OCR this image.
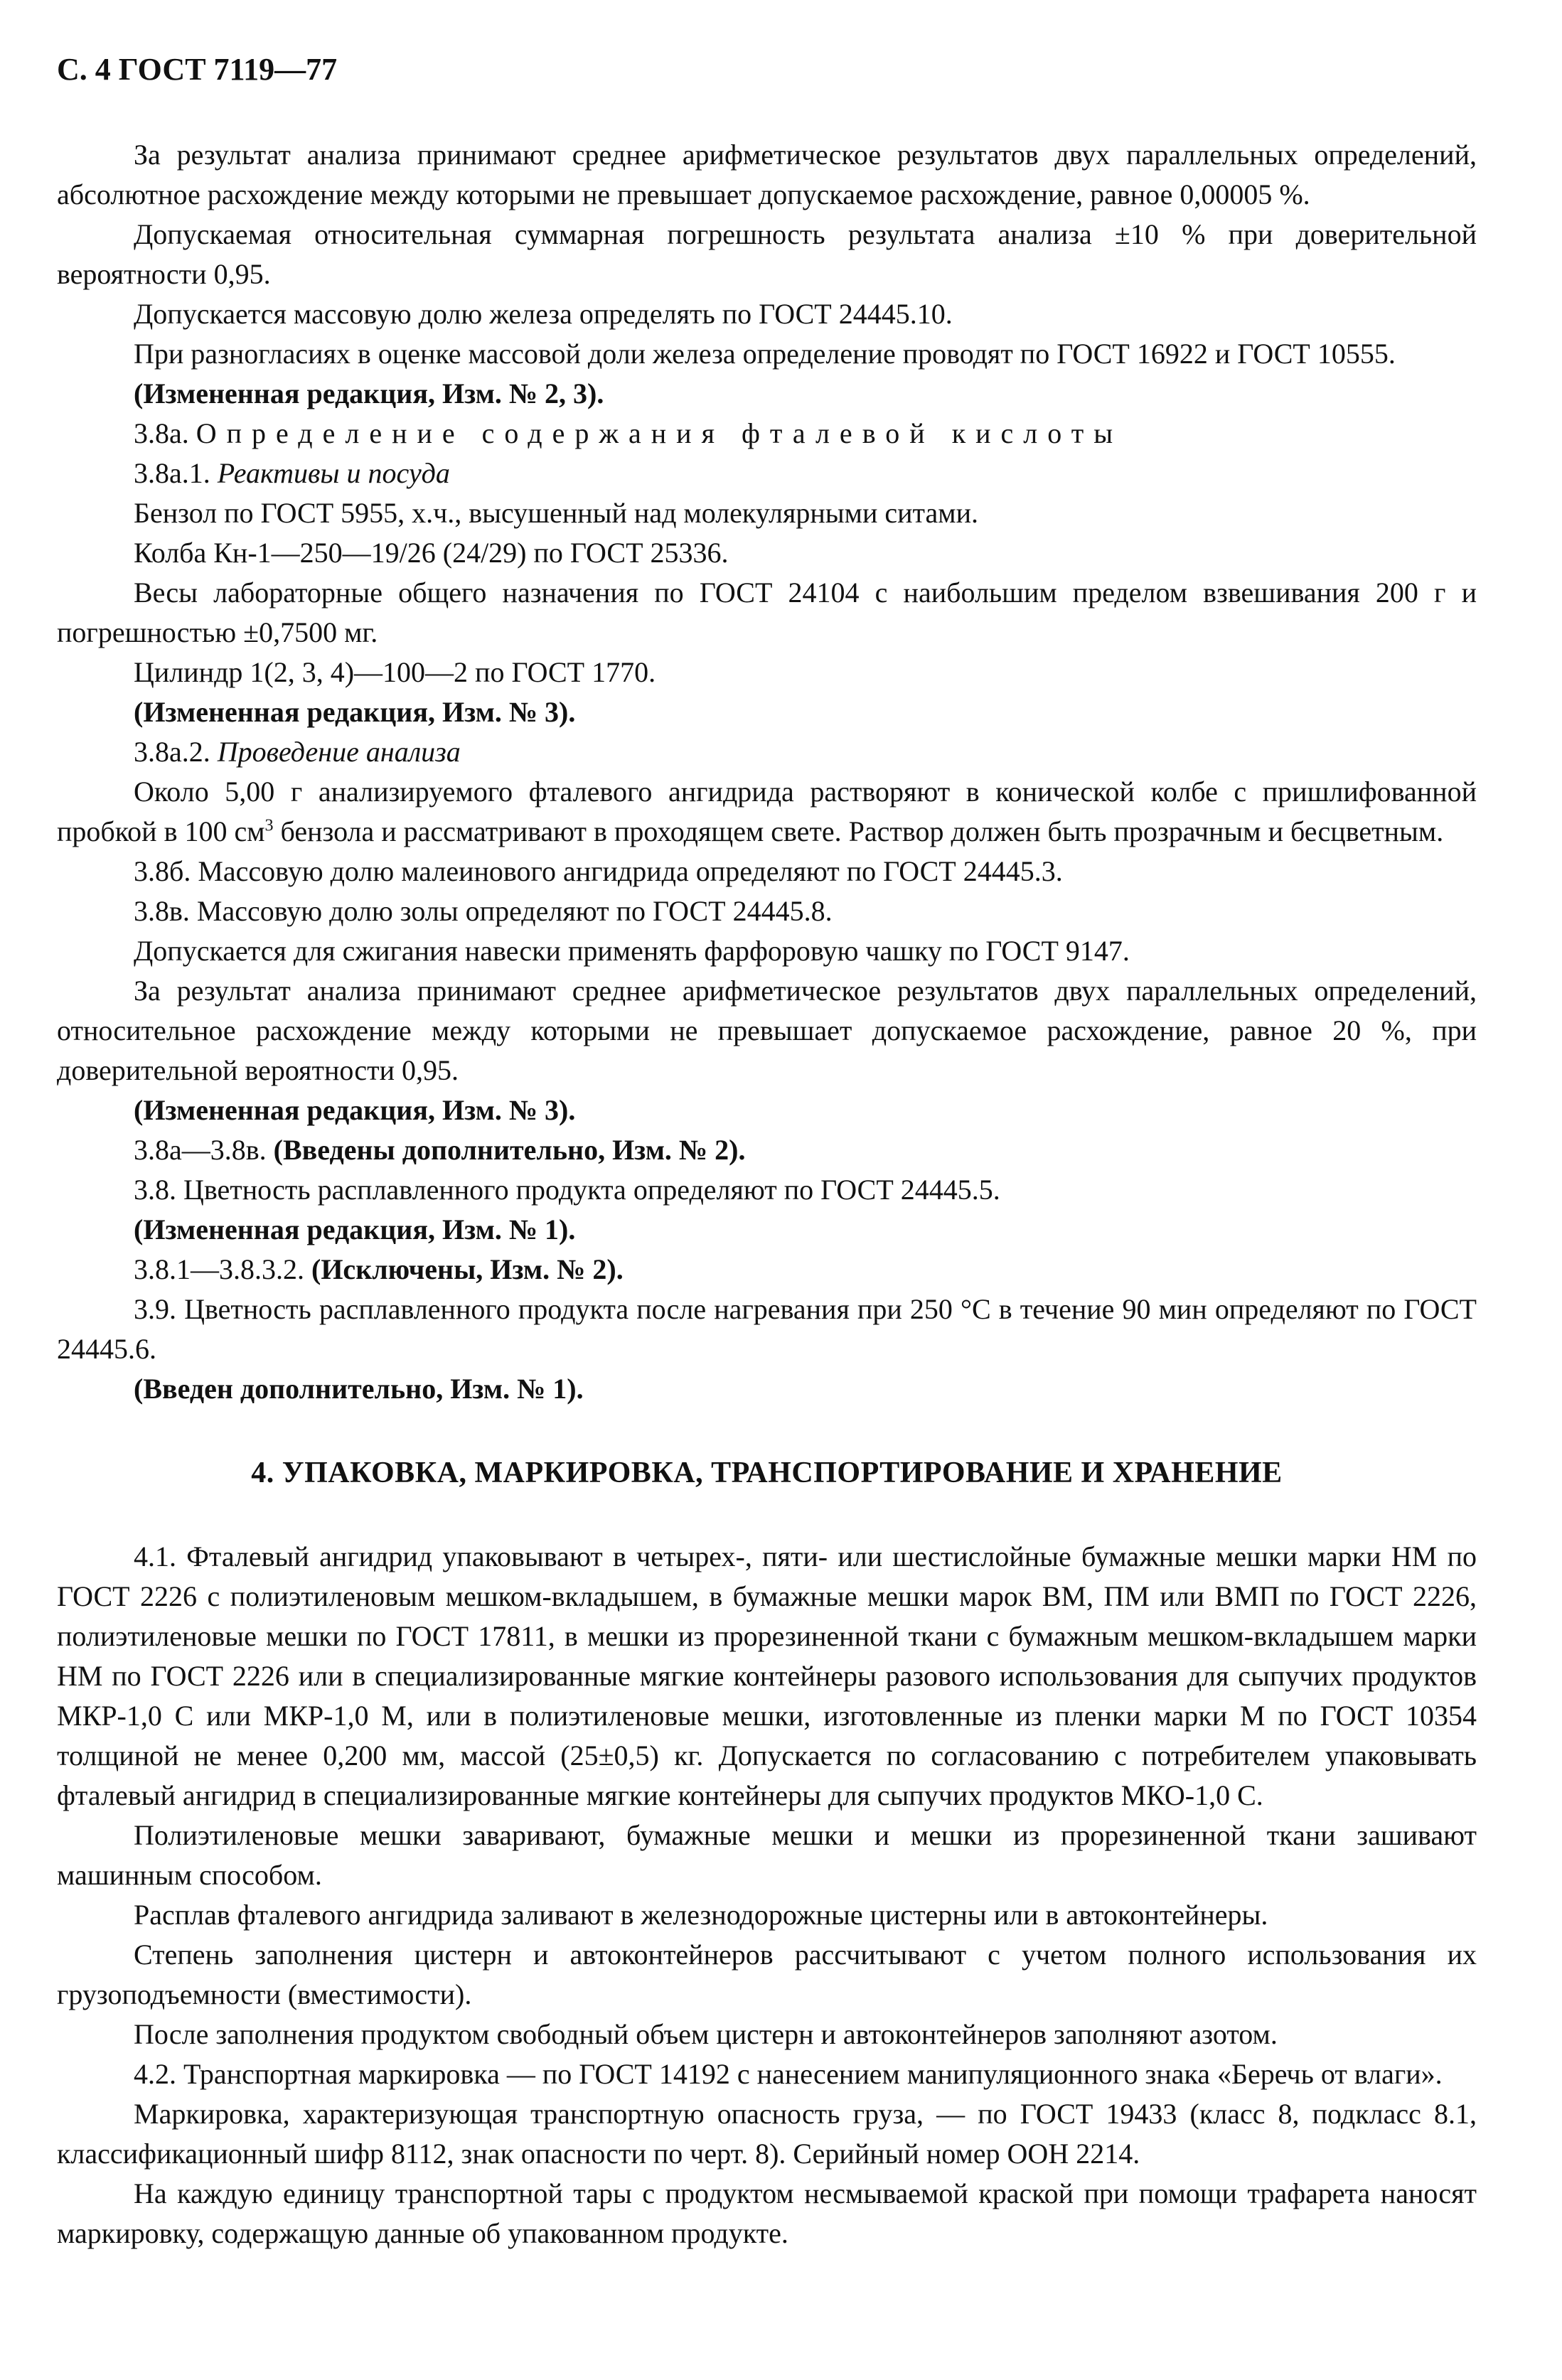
С. 4 ГОСТ 7119—77

За результат анализа принимают среднее арифметическое результатов двух параллельных определений, абсолютное расхождение между которыми не превышает допускаемое расхождение, равное 0,00005 %.

Допускаемая относительная суммарная погрешность результата анализа ±10 % при доверительной вероятности 0,95.

Допускается массовую долю железа определять по ГОСТ 24445.10.

При разногласиях в оценке массовой доли железа определение проводят по ГОСТ 16922 и ГОСТ 10555.

(Измененная редакция, Изм. № 2, 3).

3.8а. Определение содержания фталевой кислоты

3.8а.1. Реактивы и посуда

Бензол по ГОСТ 5955, х.ч., высушенный над молекулярными ситами.

Колба Кн-1—250—19/26 (24/29) по ГОСТ 25336.

Весы лабораторные общего назначения по ГОСТ 24104 с наибольшим пределом взвешивания 200 г и погрешностью ±0,7500 мг.

Цилиндр 1(2, 3, 4)—100—2 по ГОСТ 1770.

(Измененная редакция, Изм. № 3).

3.8а.2. Проведение анализа

Около 5,00 г анализируемого фталевого ангидрида растворяют в конической колбе с пришлифованной пробкой в 100 $см^3$ бензола и рассматривают в проходящем свете. Раствор должен быть прозрачным и бесцветным.

3.8б. Массовую долю малеинового ангидрида определяют по ГОСТ 24445.3.

3.8в. Массовую долю золы определяют по ГОСТ 24445.8.

Допускается для сжигания навески применять фарфоровую чашку по ГОСТ 9147.

За результат анализа принимают среднее арифметическое результатов двух параллельных определений, относительное расхождение между которыми не превышает допускаемое расхождение, равное 20 %, при доверительной вероятности 0,95.

(Измененная редакция, Изм. № 3).

3.8а—3.8в. (Введены дополнительно, Изм. № 2).

3.8. Цветность расплавленного продукта определяют по ГОСТ 24445.5.

(Измененная редакция, Изм. № 1).

3.8.1—3.8.3.2. (Исключены, Изм. № 2).

3.9. Цветность расплавленного продукта после нагревания при 250 °С в течение 90 мин определяют по ГОСТ 24445.6.

(Введен дополнительно, Изм. № 1).

4. УПАКОВКА, МАРКИРОВКА, ТРАНСПОРТИРОВАНИЕ И ХРАНЕНИЕ

4.1. Фталевый ангидрид упаковывают в четырех-, пяти- или шестислойные бумажные мешки марки НМ по ГОСТ 2226 с полиэтиленовым мешком-вкладышем, в бумажные мешки марок ВМ, ПМ или ВМП по ГОСТ 2226, полиэтиленовые мешки по ГОСТ 17811, в мешки из прорезиненной ткани с бумажным мешком-вкладышем марки НМ по ГОСТ 2226 или в специализированные мягкие контейнеры разового использования для сыпучих продуктов МКР-1,0 С или МКР-1,0 М, или в полиэтиленовые мешки, изготовленные из пленки марки М по ГОСТ 10354 толщиной не менее 0,200 мм, массой (25±0,5) кг. Допускается по согласованию с потребителем упаковывать фталевый ангидрид в специализированные мягкие контейнеры для сыпучих продуктов МКО-1,0 С.

Полиэтиленовые мешки заваривают, бумажные мешки и мешки из прорезиненной ткани зашивают машинным способом.

Расплав фталевого ангидрида заливают в железнодорожные цистерны или в автоконтейнеры.

Степень заполнения цистерн и автоконтейнеров рассчитывают с учетом полного использования их грузоподъемности (вместимости).

После заполнения продуктом свободный объем цистерн и автоконтейнеров заполняют азотом.

4.2. Транспортная маркировка — по ГОСТ 14192 с нанесением манипуляционного знака «Беречь от влаги».

Маркировка, характеризующая транспортную опасность груза, — по ГОСТ 19433 (класс 8, подкласс 8.1, классификационный шифр 8112, знак опасности по черт. 8). Серийный номер ООН 2214.

На каждую единицу транспортной тары с продуктом несмываемой краской при помощи трафарета наносят маркировку, содержащую данные об упакованном продукте.
